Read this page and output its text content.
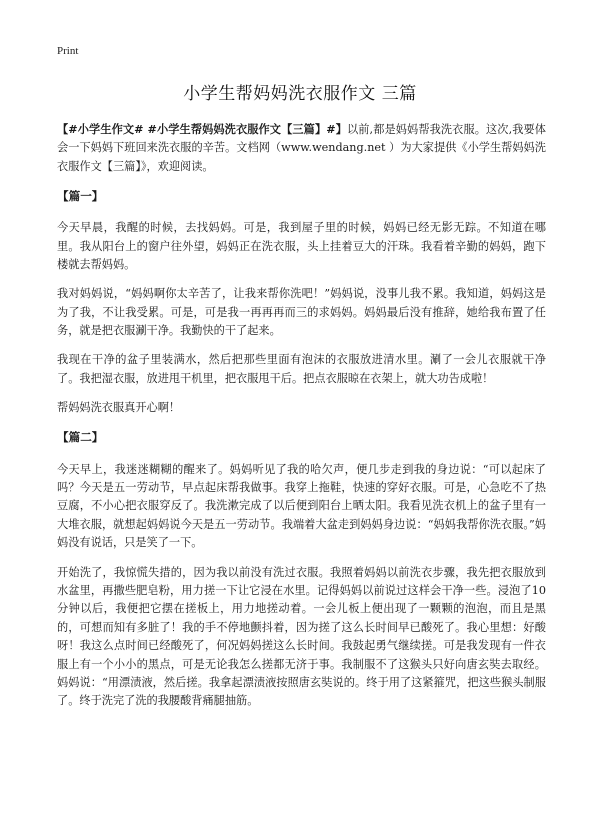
Print
小学生帮妈妈洗衣服作文 三篇

【#小学生作文# #小学生帮妈妈洗衣服作文【三篇】#】以前,都是妈妈帮我洗衣服。这次,我要体会一下妈妈下班回来洗衣服的辛苦。文档网（www.wendang.net ）为大家提供《小学生帮妈妈洗衣服作文【三篇】》，欢迎阅读。

【篇一】

今天早晨，我醒的时候，去找妈妈。可是，我到屋子里的时候，妈妈已经无影无踪。不知道在哪里。我从阳台上的窗户往外望，妈妈正在洗衣服，头上挂着豆大的汗珠。我看着辛勤的妈妈，跑下楼就去帮妈妈。

我对妈妈说，“妈妈啊你太辛苦了，让我来帮你洗吧！”妈妈说，没事儿我不累。我知道，妈妈这是为了我，不让我受累。可是，可是我一再再再而三的求妈妈。妈妈最后没有推辞，她给我布置了任务，就是把衣服涮干净。我勤快的干了起来。

我现在干净的盆子里装满水，然后把那些里面有泡沫的衣服放进清水里。涮了一会儿衣服就干净了。我把湿衣服，放进甩干机里，把衣服甩干后。把点衣服晾在衣架上，就大功告成啦！

帮妈妈洗衣服真开心啊！

【篇二】

今天早上，我迷迷糊糊的醒来了。妈妈听见了我的哈欠声，便几步走到我的身边说：“可以起床了吗？今天是五一劳动节，早点起床帮我做事。我穿上拖鞋，快速的穿好衣服。可是，心急吃不了热豆腐，不小心把衣服穿反了。我洗漱完成了以后便到阳台上晒太阳。我看见洗衣机上的盆子里有一大堆衣服，就想起妈妈说今天是五一劳动节。我端着大盆走到妈妈身边说：“妈妈我帮你洗衣服。”妈妈没有说话，只是笑了一下。

开始洗了，我惊慌失措的，因为我以前没有洗过衣服。我照着妈妈以前洗衣步骤，我先把衣服放到水盆里，再撒些肥皂粉，用力搓一下让它浸在水里。记得妈妈以前说过这样会干净一些。浸泡了10分钟以后，我便把它摆在搓板上，用力地搓动着。一会儿板上便出现了一颗颗的泡泡，而且是黑的，可想而知有多脏了！我的手不停地颤抖着，因为搓了这么长时间早已酸死了。我心里想：好酸呀！我这么点时间已经酸死了，何况妈妈搓这么长时间。我鼓起勇气继续搓。可是我发现有一件衣服上有一个小小的黑点，可是无论我怎么搓都无济于事。我制服不了这猴头只好向唐玄奘去取经。妈妈说：“用漂渍液，然后搓。我拿起漂渍液按照唐玄奘说的。终于用了这紧箍咒，把这些猴头制服了。终于洗完了洗的我腰酸背痛腿抽筋。
